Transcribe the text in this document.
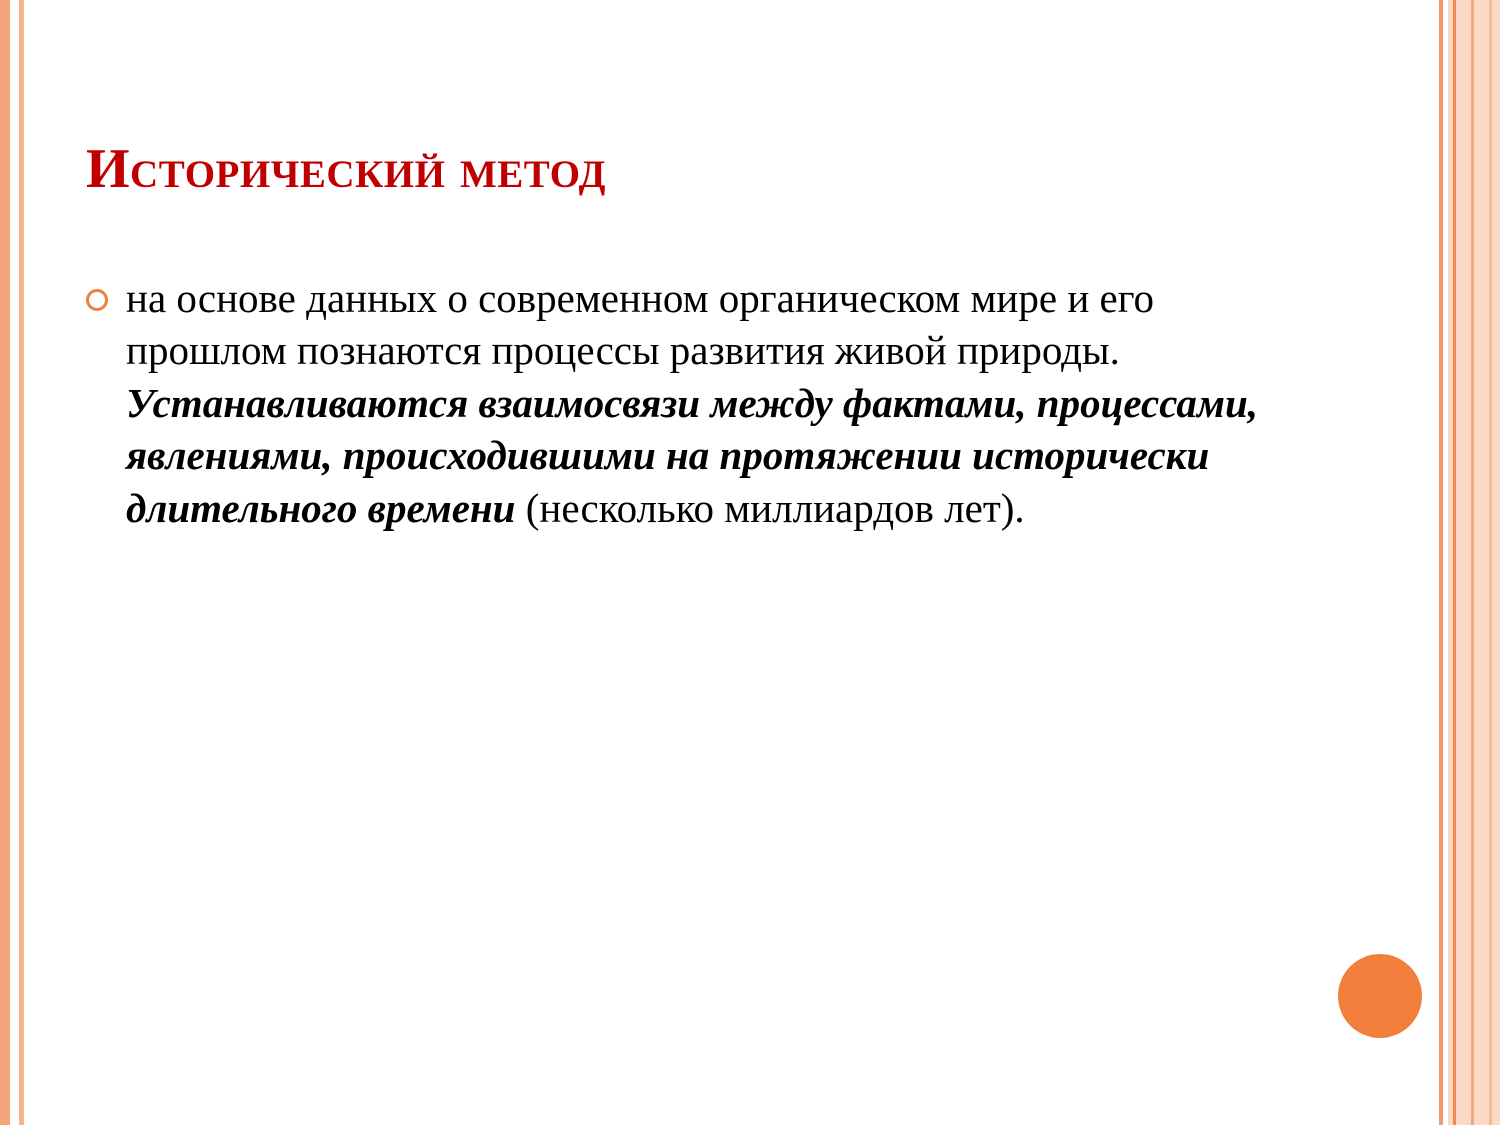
Исторический метод
на основе данных о современном органическом мире и его прошлом познаются процессы развития живой природы. Устанавливаются взаимосвязи между фактами, процессами, явлениями, происходившими на протяжении исторически длительного времени (несколько миллиардов лет).
